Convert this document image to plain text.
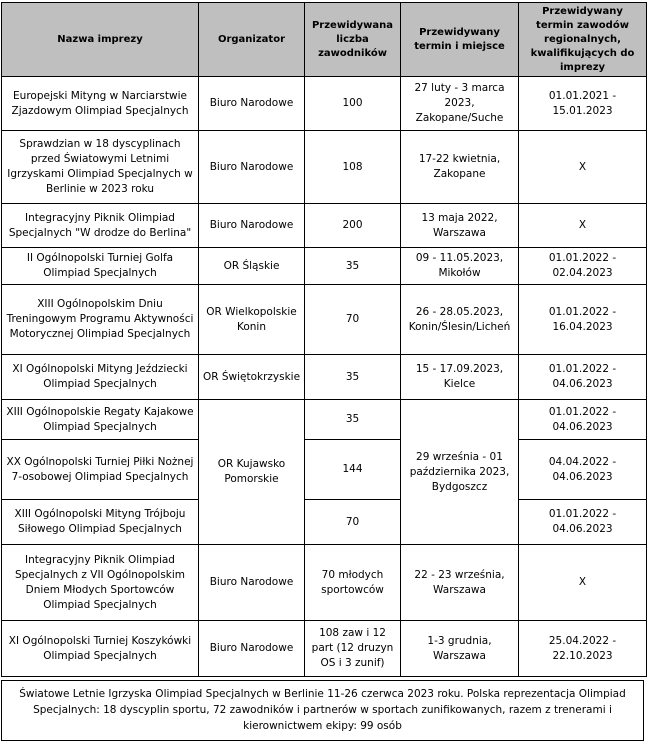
Nazwa imprezy	Organizator	Przewidywana liczba zawodników	Przewidywany termin i miejsce	Przewidywany termin zawodów regionalnych, kwalifikujących do imprezy
Europejski Mityng w Narciarstwie Zjazdowym Olimpiad Specjalnych	Biuro Narodowe	100	27 luty - 3 marca 2023, Zakopane/Suche	01.01.2021 - 15.01.2023
Sprawdzian w 18 dyscyplinach przed Światowymi Letnimi Igrzyskami Olimpiad Specjalnych w Berlinie w 2023 roku	Biuro Narodowe	108	17-22 kwietnia, Zakopane	X
Integracyjny Piknik Olimpiad Specjalnych "W drodze do Berlina"	Biuro Narodowe	200	13 maja 2022, Warszawa	X
II Ogólnopolski Turniej Golfa Olimpiad Specjalnych	OR Śląskie	35	09 - 11.05.2023, Mikołów	01.01.2022 - 02.04.2023
XIII Ogólnopolskim Dniu Treningowym Programu Aktywności Motorycznej Olimpiad Specjalnych	OR Wielkopolskie Konin	70	26 - 28.05.2023, Konin/Ślesin/Licheń	01.01.2022 - 16.04.2023
XI Ogólnopolski Mityng Jeździecki Olimpiad Specjalnych	OR Świętokrzyskie	35	15 - 17.09.2023, Kielce	01.01.2022 - 04.06.2023
XIII Ogólnopolskie Regaty Kajakowe Olimpiad Specjalnych	OR Kujawsko Pomorskie	35	29 września - 01 października 2023, Bydgoszcz	01.01.2022 - 04.06.2023
XX Ogólnopolski Turniej Piłki Nożnej 7-osobowej Olimpiad Specjalnych		144		04.04.2022 - 04.06.2023
XIII Ogólnopolski Mityng Trójboju Siłowego Olimpiad Specjalnych		70		01.01.2022 - 04.06.2023
Integracyjny Piknik Olimpiad Specjalnych z VII Ogólnopolskim Dniem Młodych Sportowców Olimpiad Specjalnych	Biuro Narodowe	70 młodych sportowców	22 - 23 września, Warszawa	X
XI Ogólnopolski Turniej Koszykówki Olimpiad Specjalnych	Biuro Narodowe	108 zaw i 12 part (12 druzyn OS i 3 zunif)	1-3 grudnia, Warszawa	25.04.2022 - 22.10.2023
Światowe Letnie Igrzyska Olimpiad Specjalnych w Berlinie 11-26 czerwca 2023 roku. Polska reprezentacja Olimpiad Specjalnych: 18 dyscyplin sportu, 72 zawodników i partnerów w sportach zunifikowanych, razem z trenerami i kierownictwem ekipy: 99 osób
